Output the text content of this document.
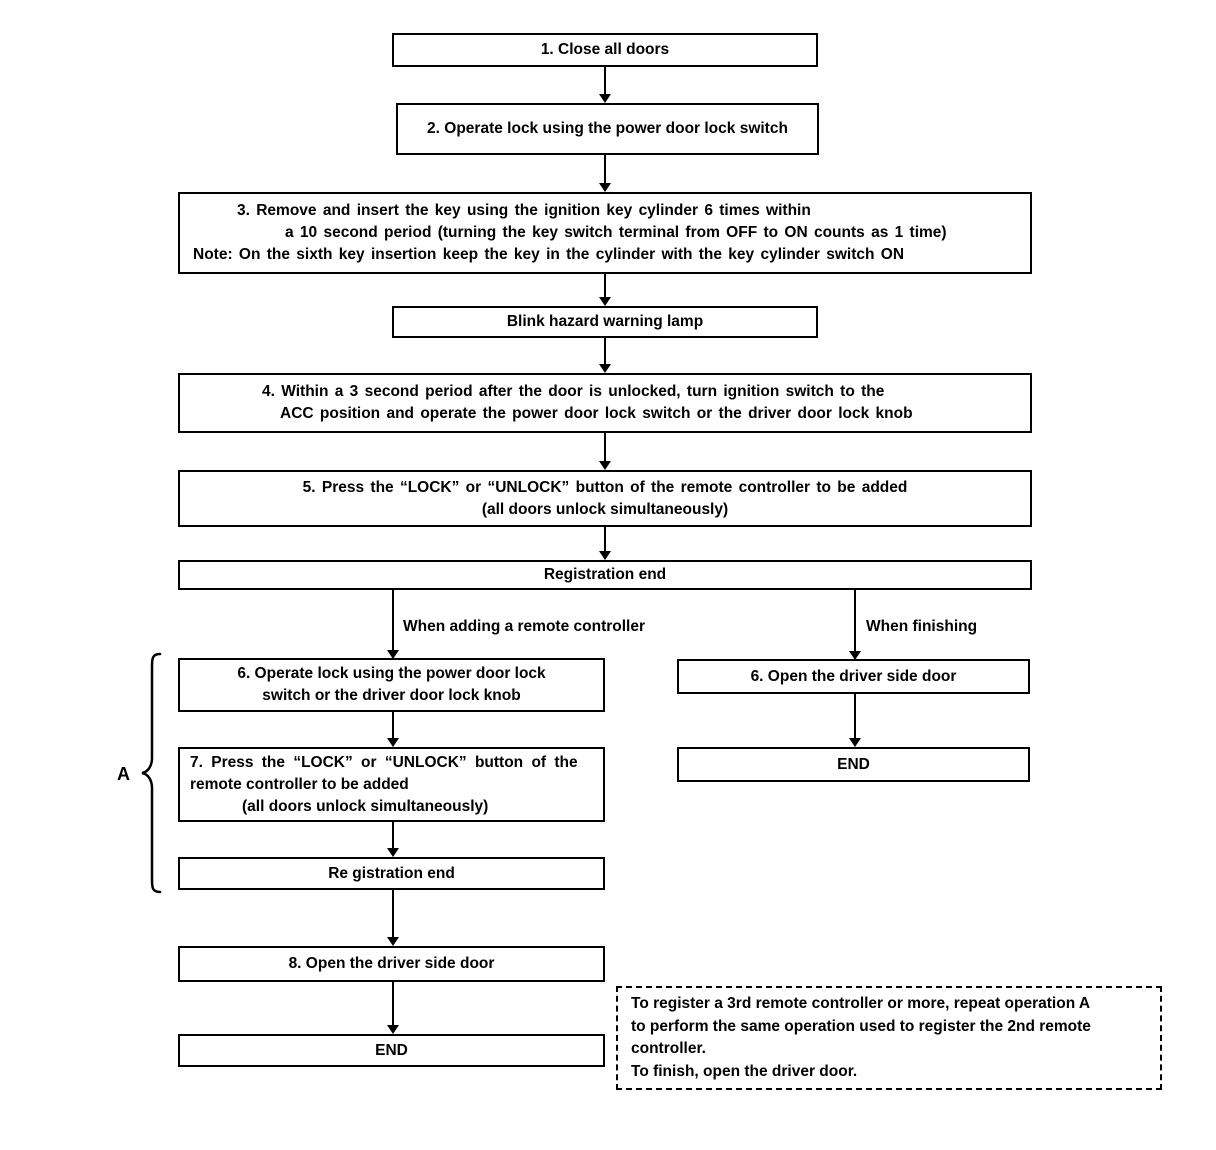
1. Close all doors
2. Operate lock using the power door lock switch
3. Remove and insert the key using the ignition key cylinder 6 times within
a 10 second period (turning the key switch terminal from OFF to ON counts as 1 time)
Note: On the sixth key insertion keep the key in the cylinder with the key cylinder switch ON
Blink hazard warning lamp
4. Within a 3 second period after the door is unlocked, turn ignition switch to the
ACC position and operate the power door lock switch or the driver door lock knob
5. Press the “LOCK” or “UNLOCK” button of the remote controller to be added
(all doors unlock simultaneously)
Registration end
When adding a remote controller	When finishing
6. Operate lock using the power door lock
switch or the driver door lock knob
6. Open the driver side door
END
7. Press the “LOCK” or “UNLOCK” button of the
remote controller to be added
(all doors unlock simultaneously)
Re gistration end
8. Open the driver side door
END
A
To register a 3rd remote controller or more, repeat operation A
to perform the same operation used to register the 2nd remote
controller.
To finish, open the driver door.
